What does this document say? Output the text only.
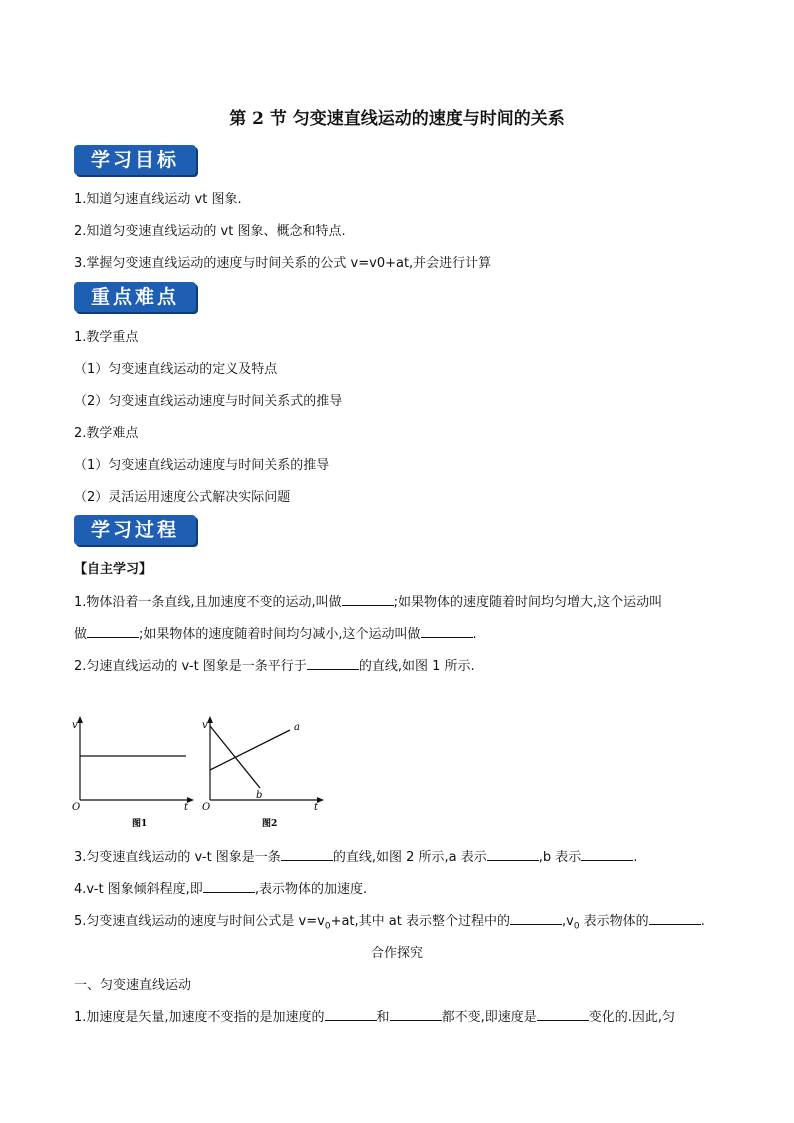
第 2 节 匀变速直线运动的速度与时间的关系
学习目标
1.知道匀速直线运动 vt 图象.
2.知道匀变速直线运动的 vt 图象、概念和特点.
3.掌握匀变速直线运动的速度与时间关系的公式 v=v0+at,并会进行计算
重点难点
1.教学重点
（1）匀变速直线运动的定义及特点
（2）匀变速直线运动速度与时间关系式的推导
2.教学难点
（1）匀变速直线运动速度与时间关系的推导
（2）灵活运用速度公式解决实际问题
学习过程
【自主学习】
1.物体沿着一条直线,且加速度不变的运动,叫做	;如果物体的速度随着时间均匀增大,这个运动叫
做	;如果物体的速度随着时间均匀减小,这个运动叫做	.
2.匀速直线运动的 v-t 图象是一条平行于	的直线,如图 1 所示.
v
O	t
图1
v
O	t
a
b
图2
3.匀变速直线运动的 v-t 图象是一条	的直线,如图 2 所示,a 表示	,b 表示	.
4.v-t 图象倾斜程度,即	,表示物体的加速度.
5.匀变速直线运动的速度与时间公式是 $v=v_0+at$,其中 at 表示整个过程中的	$,v_0$ 表示物体的	.
合作探究
一、匀变速直线运动
1.加速度是矢量,加速度不变指的是加速度的	和	都不变,即速度是	变化的.因此,匀
